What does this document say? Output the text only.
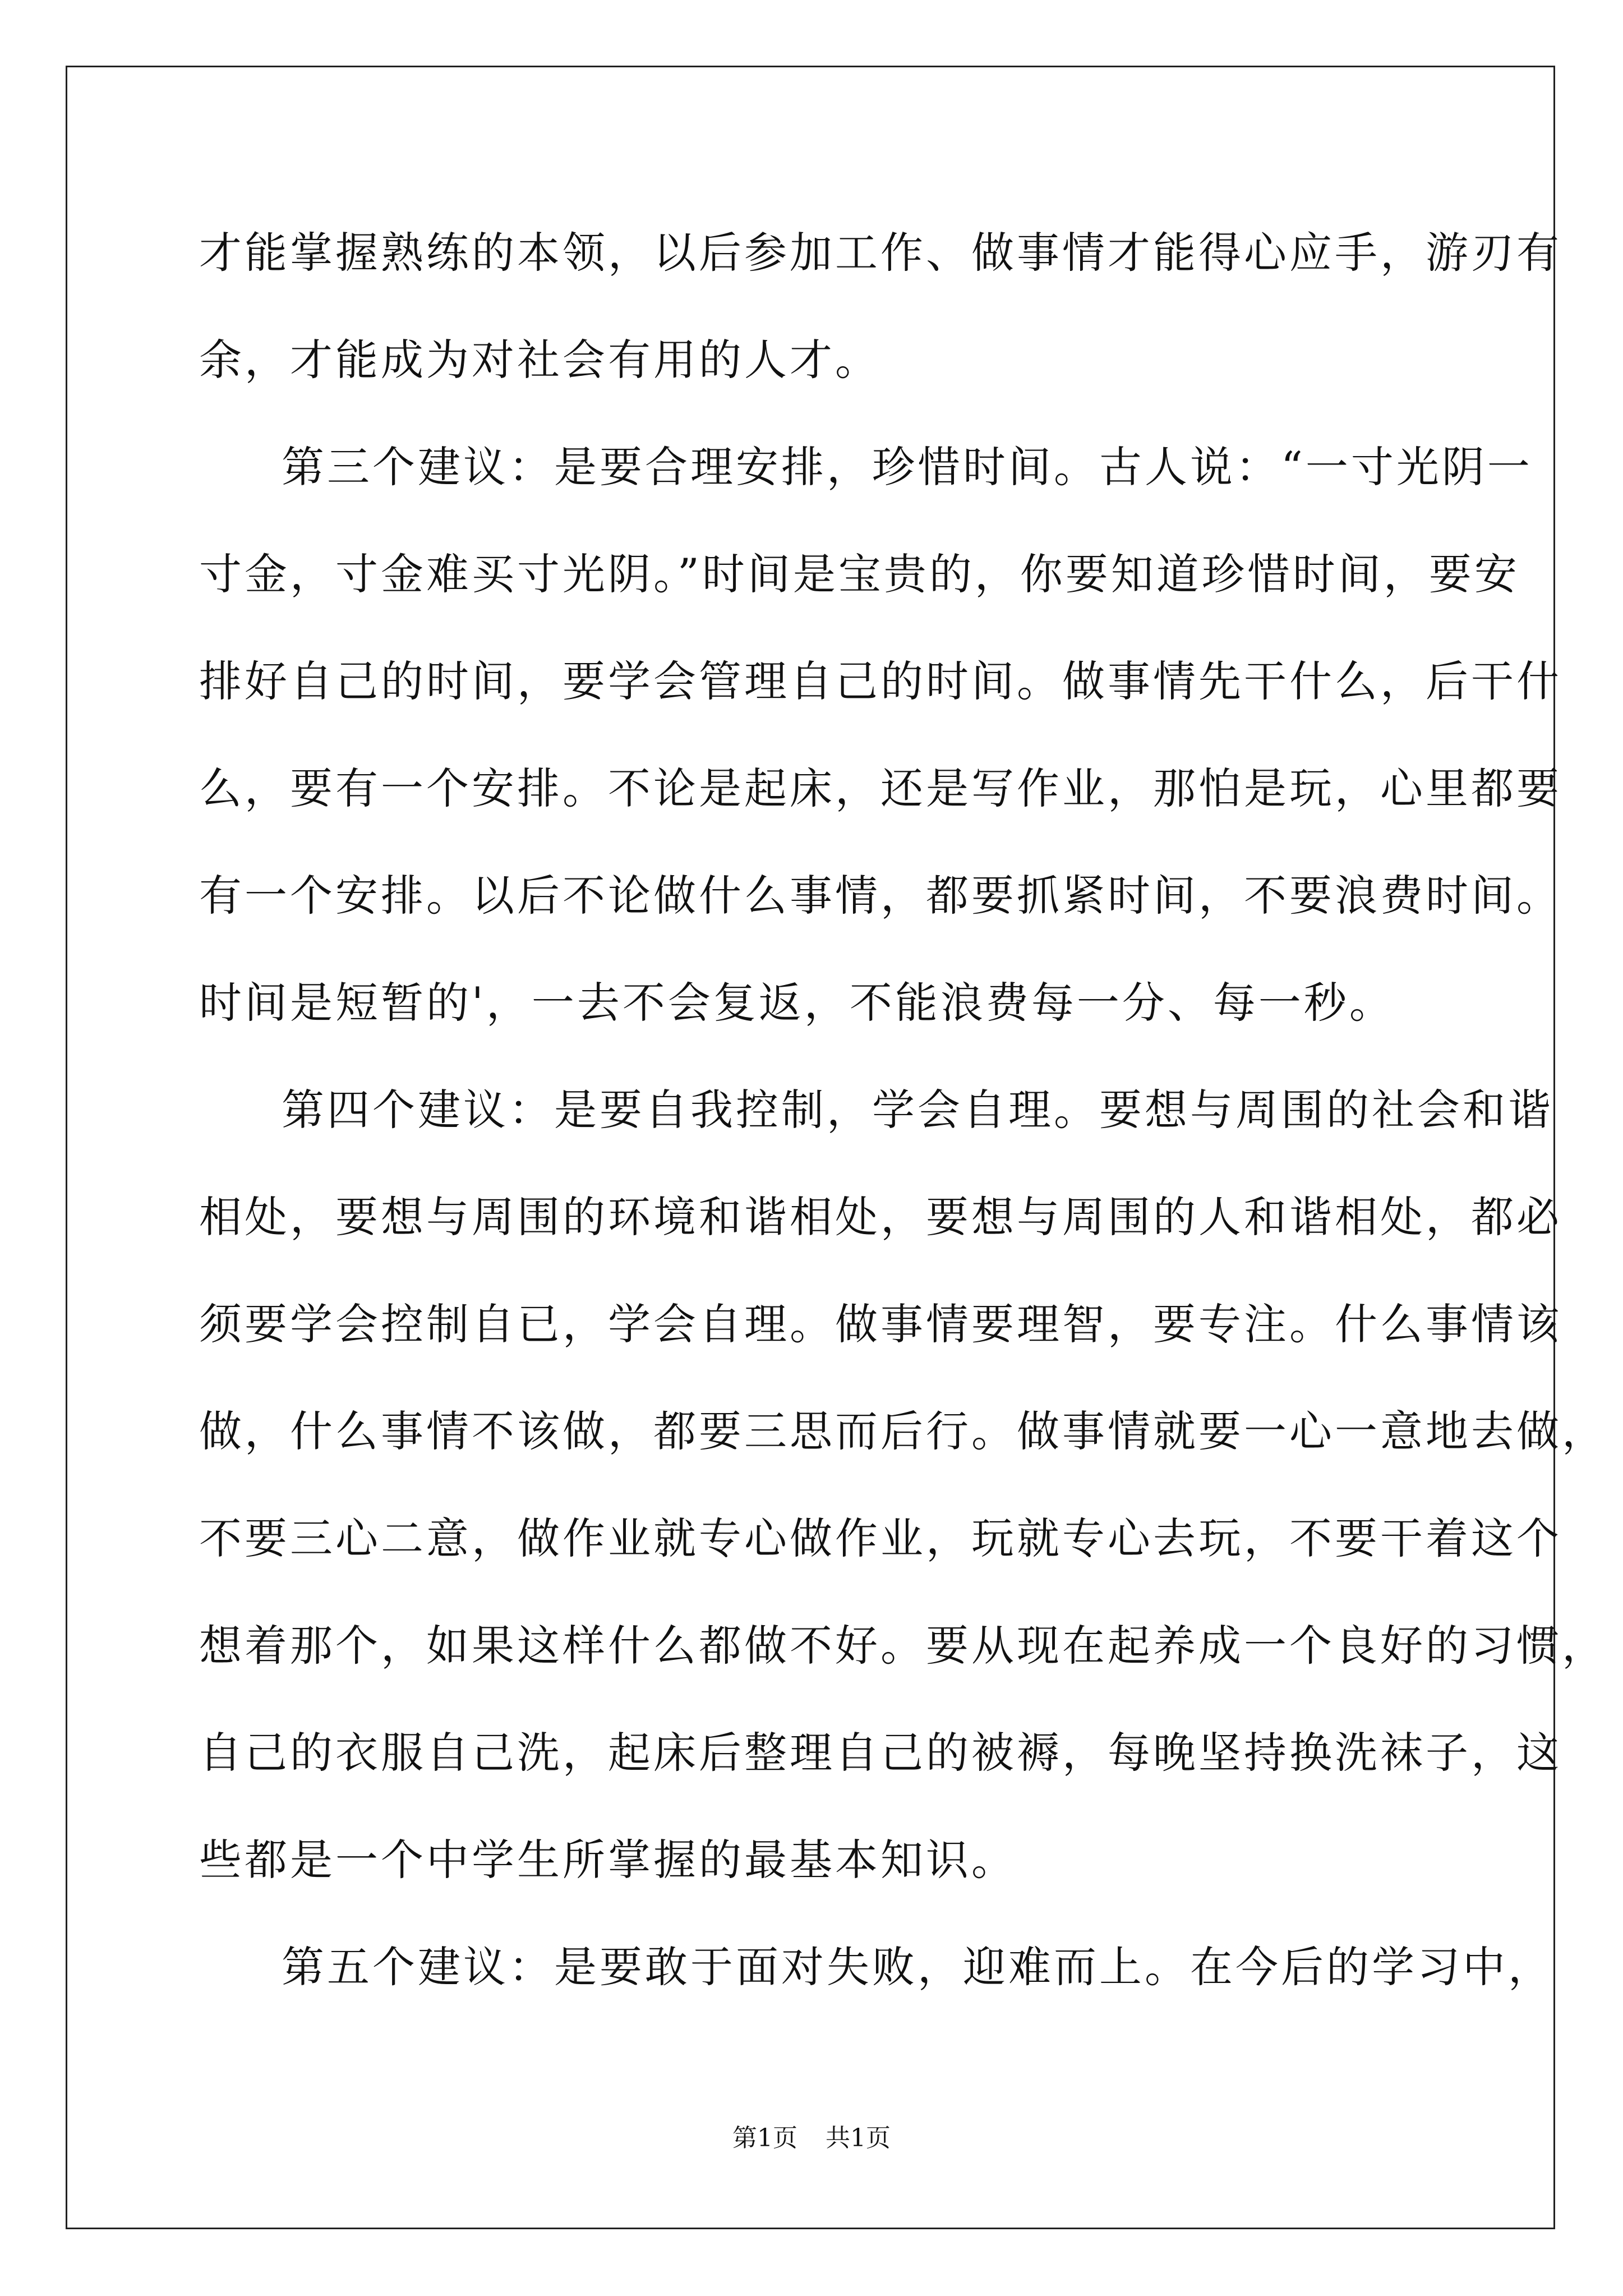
才能掌握熟练的本领，以后参加工作、做事情才能得心应手，游刃有
余，才能成为对社会有用的人才。
第三个建议：是要合理安排，珍惜时间。古人说：“一寸光阴一
寸金，寸金难买寸光阴。”时间是宝贵的，你要知道珍惜时间，要安
排好自己的时间，要学会管理自己的时间。做事情先干什么，后干什
么，要有一个安排。不论是起床，还是写作业，那怕是玩，心里都要
有一个安排。以后不论做什么事情，都要抓紧时间，不要浪费时间。
时间是短暂的'，一去不会复返，不能浪费每一分、每一秒。
第四个建议：是要自我控制，学会自理。要想与周围的社会和谐
相处，要想与周围的环境和谐相处，要想与周围的人和谐相处，都必
须要学会控制自已，学会自理。做事情要理智，要专注。什么事情该
做，什么事情不该做，都要三思而后行。做事情就要一心一意地去做，
不要三心二意，做作业就专心做作业，玩就专心去玩，不要干着这个
想着那个，如果这样什么都做不好。要从现在起养成一个良好的习惯，
自己的衣服自己洗，起床后整理自己的被褥，每晚坚持换洗袜子，这
些都是一个中学生所掌握的最基本知识。
第五个建议：是要敢于面对失败，迎难而上。在今后的学习中，
第1页 共1页
